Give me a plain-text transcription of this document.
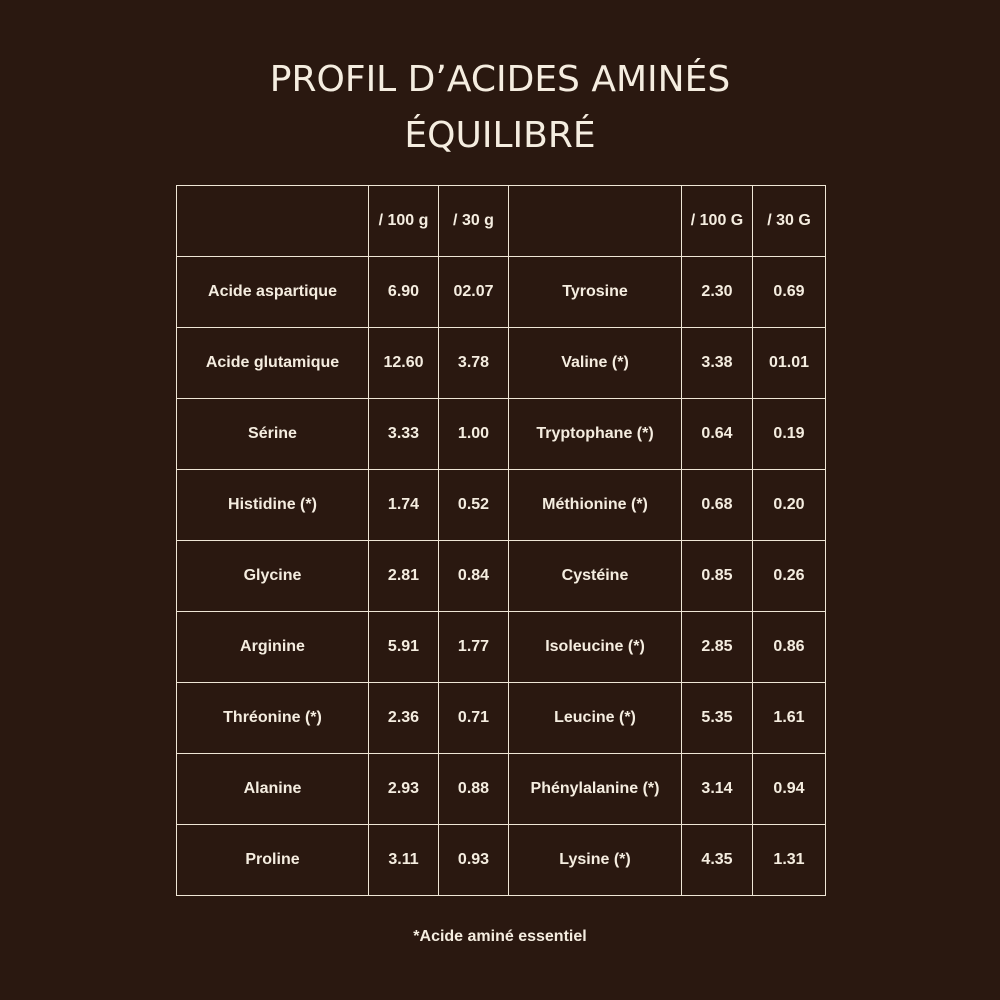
PROFIL D’ACIDES AMINÉS
ÉQUILIBRÉ
	/ 100 g	/ 30 g		/ 100 G	/ 30 G
Acide aspartique	6.90	02.07	Tyrosine	2.30	0.69
Acide glutamique	12.60	3.78	Valine (*)	3.38	01.01
Sérine	3.33	1.00	Tryptophane (*)	0.64	0.19
Histidine (*)	1.74	0.52	Méthionine (*)	0.68	0.20
Glycine	2.81	0.84	Cystéine	0.85	0.26
Arginine	5.91	1.77	Isoleucine (*)	2.85	0.86
Thréonine (*)	2.36	0.71	Leucine (*)	5.35	1.61
Alanine	2.93	0.88	Phénylalanine (*)	3.14	0.94
Proline	3.11	0.93	Lysine (*)	4.35	1.31
*Acide aminé essentiel
